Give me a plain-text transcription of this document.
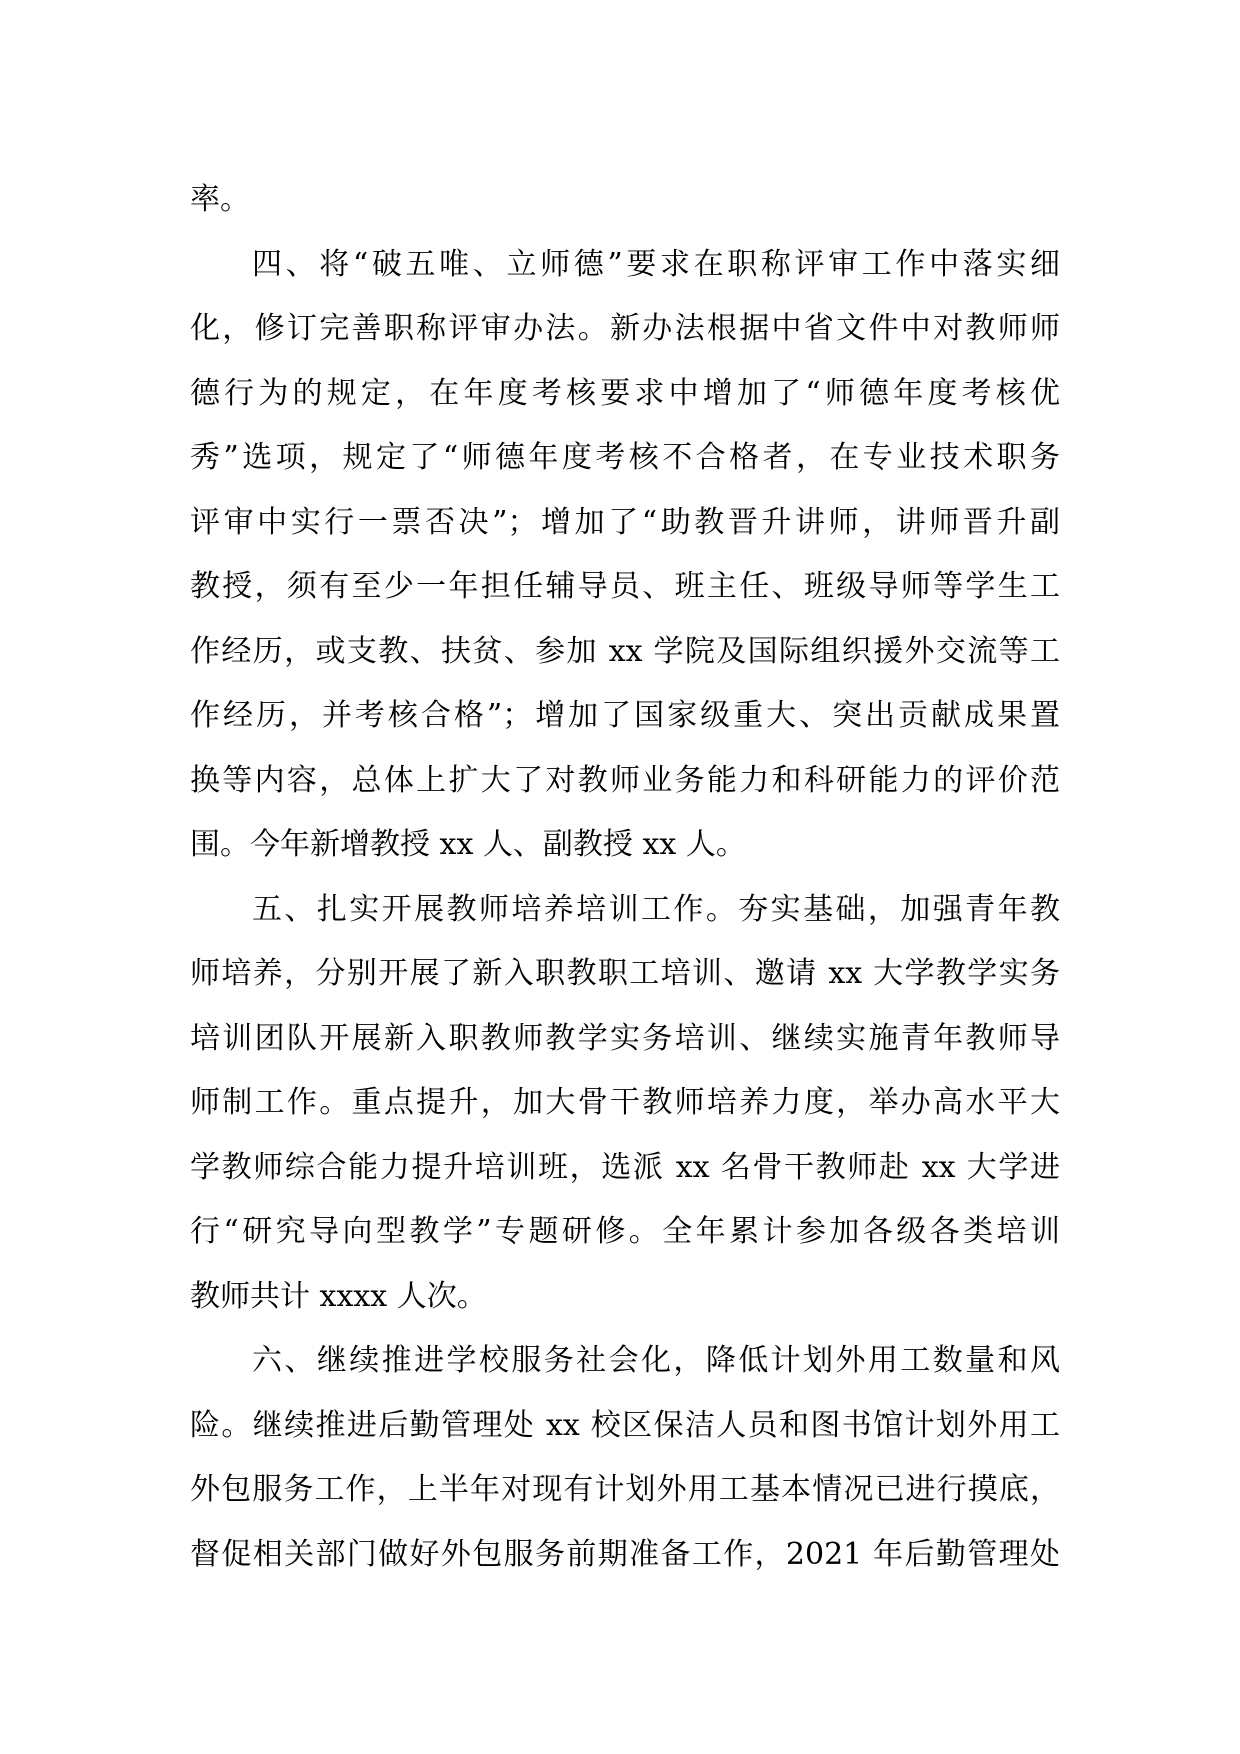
率。
四、将“破五唯、立师德”要求在职称评审工作中落实细
化，修订完善职称评审办法。新办法根据中省文件中对教师师
德行为的规定，在年度考核要求中增加了“师德年度考核优
秀”选项，规定了“师德年度考核不合格者，在专业技术职务
评审中实行一票否决”；增加了“助教晋升讲师，讲师晋升副
教授，须有至少一年担任辅导员、班主任、班级导师等学生工
作经历，或支教、扶贫、参加 xx 学院及国际组织援外交流等工
作经历，并考核合格”；增加了国家级重大、突出贡献成果置
换等内容，总体上扩大了对教师业务能力和科研能力的评价范
围。今年新增教授 xx 人、副教授 xx 人。
五、扎实开展教师培养培训工作。夯实基础，加强青年教
师培养，分别开展了新入职教职工培训、邀请 xx 大学教学实务
培训团队开展新入职教师教学实务培训、继续实施青年教师导
师制工作。重点提升，加大骨干教师培养力度，举办高水平大
学教师综合能力提升培训班，选派 xx 名骨干教师赴 xx 大学进
行“研究导向型教学”专题研修。全年累计参加各级各类培训
教师共计 xxxx 人次。
六、继续推进学校服务社会化，降低计划外用工数量和风
险。继续推进后勤管理处 xx 校区保洁人员和图书馆计划外用工
外包服务工作，上半年对现有计划外用工基本情况已进行摸底，
督促相关部门做好外包服务前期准备工作，2021 年后勤管理处
